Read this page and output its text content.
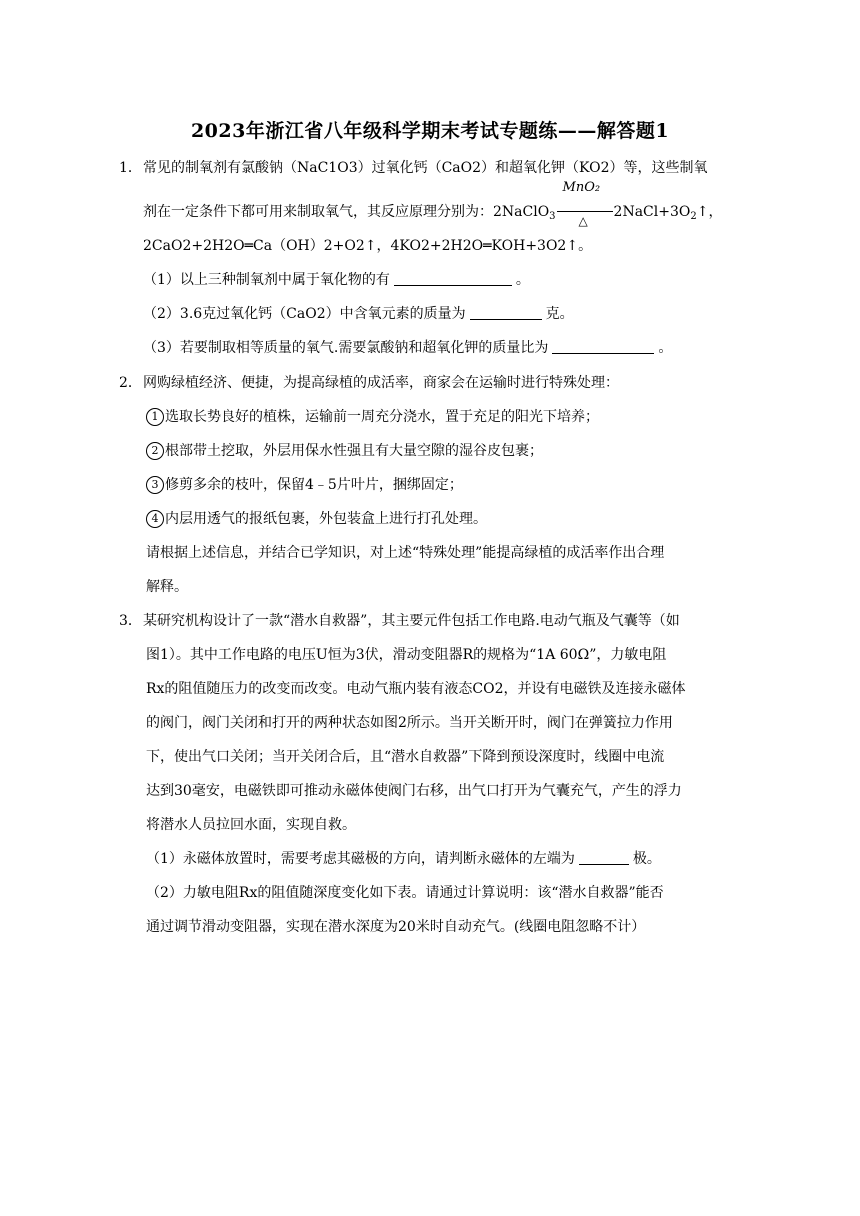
2023年浙江省八年级科学期末考试专题练——解答题1
1． 常见的制氧剂有氯酸钠（NaC1O3）过氧化钙（CaO2）和超氧化钾（KO2）等，这些制氧
剂在一定条件下都可用来制取氧气，其反应原理分别为：2NaClO$_3$
MnO₂
△
$2NaCl+3O_2↑$，
2CaO2+2H2O═Ca（OH）2+O2↑，4KO2+2H2O═KOH+3O2↑。
（1）以上三种制氧剂中属于氧化物的有	。
（2）3.6克过氧化钙（CaO2）中含氧元素的质量为	克。
（3）若要制取相等质量的氧气.需要氯酸钠和超氧化钾的质量比为	。
2． 网购绿植经济、便捷，为提高绿植的成活率，商家会在运输时进行特殊处理：
1 选取长势良好的植株，运输前一周充分浇水，置于充足的阳光下培养；
2 根部带土挖取，外层用保水性强且有大量空隙的湿谷皮包裹；
3 修剪多余的枝叶，保留4﹣5片叶片，捆绑固定；
4 内层用透气的报纸包裹，外包装盒上进行打孔处理。
请根据上述信息，并结合已学知识，对上述“特殊处理”能提高绿植的成活率作出合理
解释。
3． 某研究机构设计了一款“潜水自救器”，其主要元件包括工作电路.电动气瓶及气囊等（如
图1）。其中工作电路的电压U恒为3伏，滑动变阻器R的规格为“1A 60Ω”，力敏电阻
Rx的阻值随压力的改变而改变。电动气瓶内装有液态CO2，并设有电磁铁及连接永磁体
的阀门，阀门关闭和打开的两种状态如图2所示。当开关断开时，阀门在弹簧拉力作用
下，使出气口关闭；当开关闭合后，且“潜水自救器”下降到预设深度时，线圈中电流
达到30毫安，电磁铁即可推动永磁体使阀门右移，出气口打开为气囊充气，产生的浮力
将潜水人员拉回水面，实现自救。
（1）永磁体放置时，需要考虑其磁极的方向，请判断永磁体的左端为	极。
（2）力敏电阻Rx的阻值随深度变化如下表。请通过计算说明：该“潜水自救器”能否
通过调节滑动变阻器，实现在潜水深度为20米时自动充气。(线圈电阻忽略不计）
